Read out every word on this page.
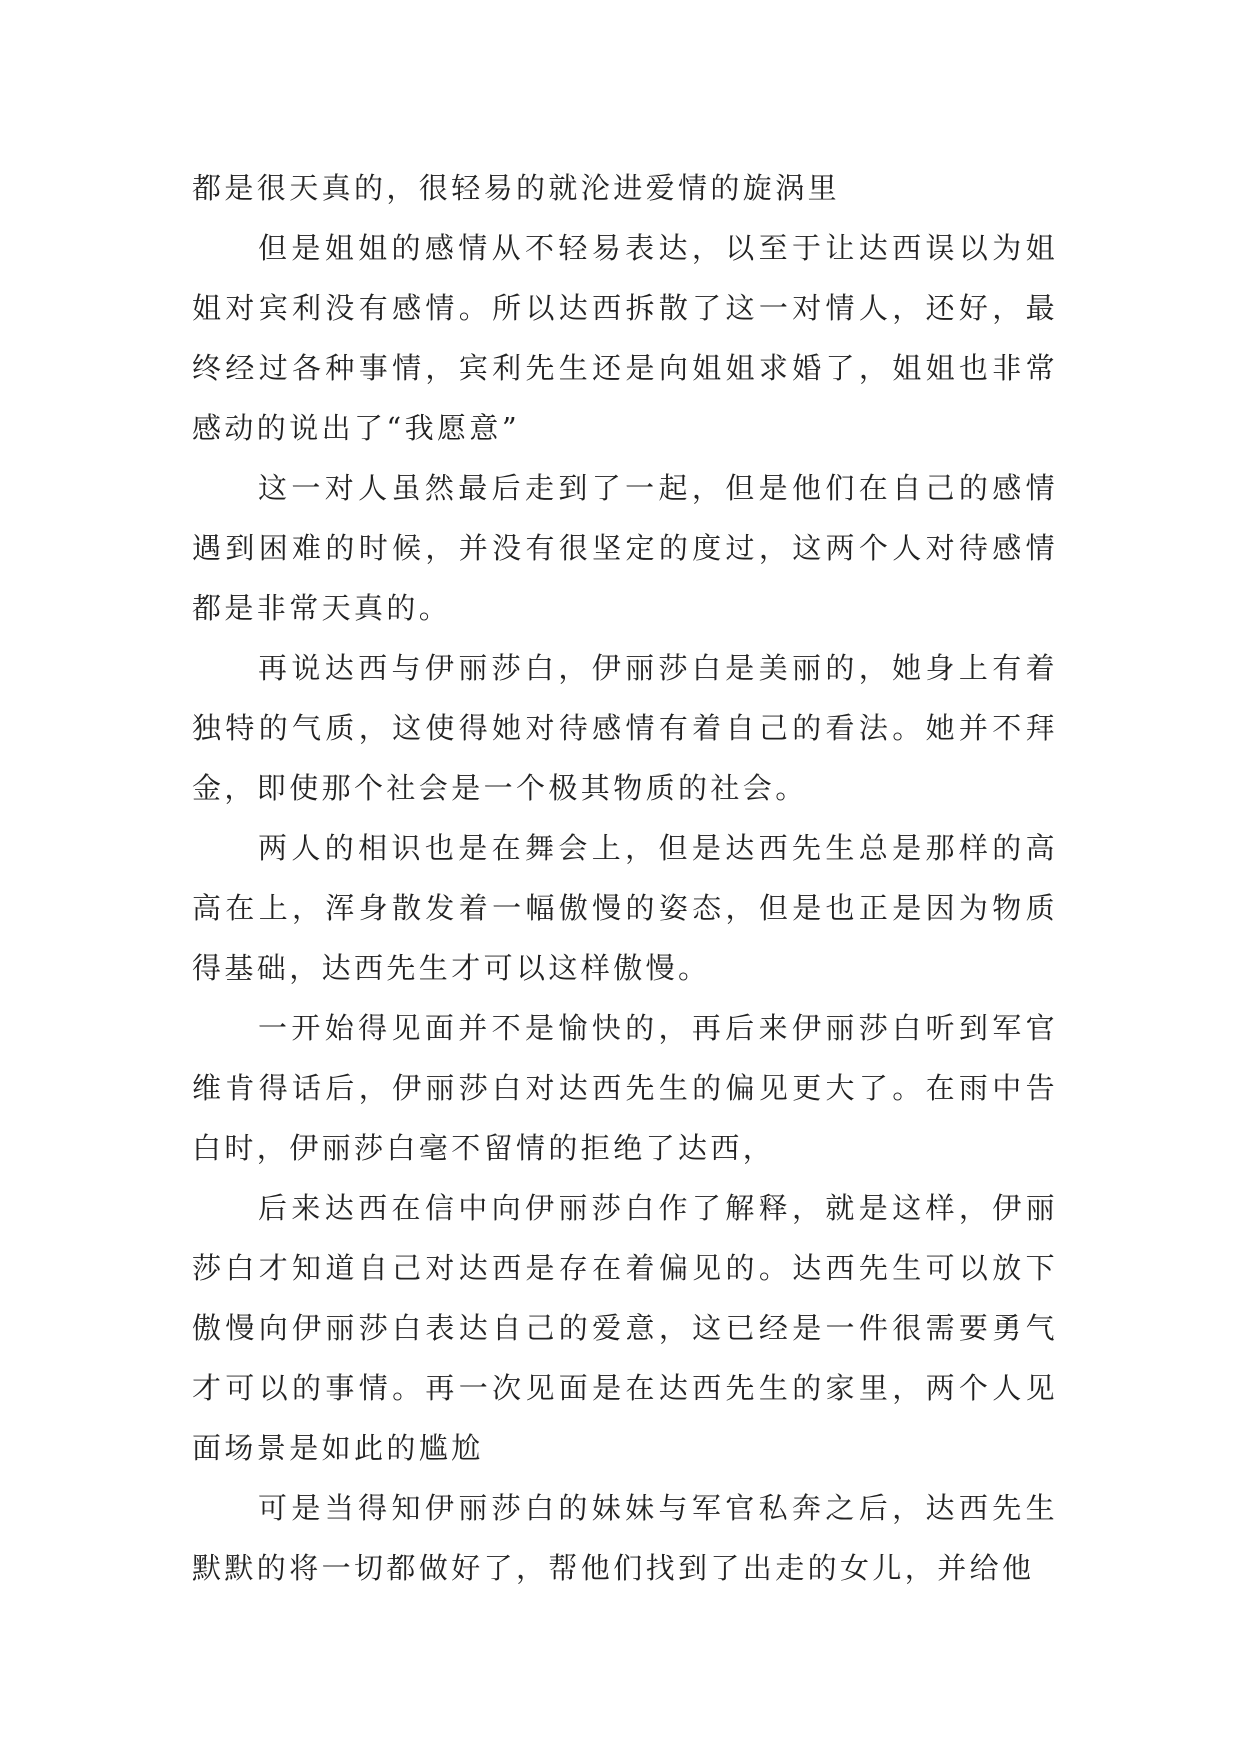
都是很天真的，很轻易的就沦进爱情的旋涡里

但是姐姐的感情从不轻易表达，以至于让达西误以为姐姐对宾利没有感情。所以达西拆散了这一对情人，还好，最终经过各种事情，宾利先生还是向姐姐求婚了，姐姐也非常感动的说出了“我愿意”

这一对人虽然最后走到了一起，但是他们在自己的感情遇到困难的时候，并没有很坚定的度过，这两个人对待感情都是非常天真的。

再说达西与伊丽莎白，伊丽莎白是美丽的，她身上有着独特的气质，这使得她对待感情有着自己的看法。她并不拜金，即使那个社会是一个极其物质的社会。

两人的相识也是在舞会上，但是达西先生总是那样的高高在上，浑身散发着一幅傲慢的姿态，但是也正是因为物质得基础，达西先生才可以这样傲慢。

一开始得见面并不是愉快的，再后来伊丽莎白听到军官维肯得话后，伊丽莎白对达西先生的偏见更大了。在雨中告白时，伊丽莎白毫不留情的拒绝了达西，

后来达西在信中向伊丽莎白作了解释，就是这样，伊丽莎白才知道自己对达西是存在着偏见的。达西先生可以放下傲慢向伊丽莎白表达自己的爱意，这已经是一件很需要勇气才可以的事情。再一次见面是在达西先生的家里，两个人见面场景是如此的尴尬

可是当得知伊丽莎白的妹妹与军官私奔之后，达西先生默默的将一切都做好了，帮他们找到了出走的女儿，并给他
